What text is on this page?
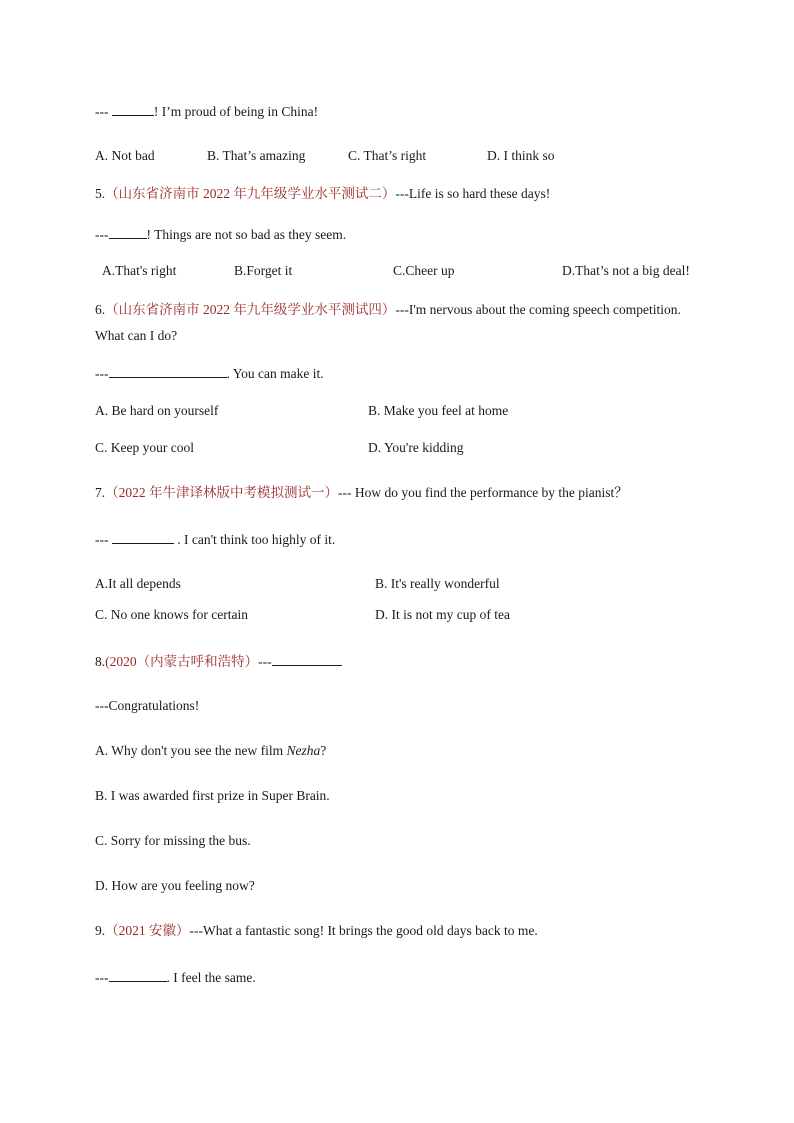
---	! I’m proud of being in China!
A. Not bad	B. That’s amazing	C. That’s right	D. I think so
5.（山东省济南市 2022 年九年级学业水平测试二）---Life is so hard these days!
---	! Things are not so bad as they seem.
A.That's right	B.Forget it	C.Cheer up	D.That’s not a big deal!
6.（山东省济南市 2022 年九年级学业水平测试四）---I'm nervous about the coming speech competition.
What can I do?
---	. You can make it.
A. Be hard on yourself	B. Make you feel at home
C. Keep your cool	D. You're kidding
7.（2022 年牛津译林版中考模拟测试一）--- How do you find the performance by the pianist？
---	. I can't think too highly of it.
A.It all depends	B. It's really wonderful
C. No one knows for certain	D. It is not my cup of tea
8.(2020（内蒙古呼和浩特）---
---Congratulations!
A. Why don't you see the new film Nezha?
B. I was awarded first prize in Super Brain.
C. Sorry for missing the bus.
D. How are you feeling now?
9.（2021 安徽）---What a fantastic song! It brings the good old days back to me.
---	. I feel the same.
